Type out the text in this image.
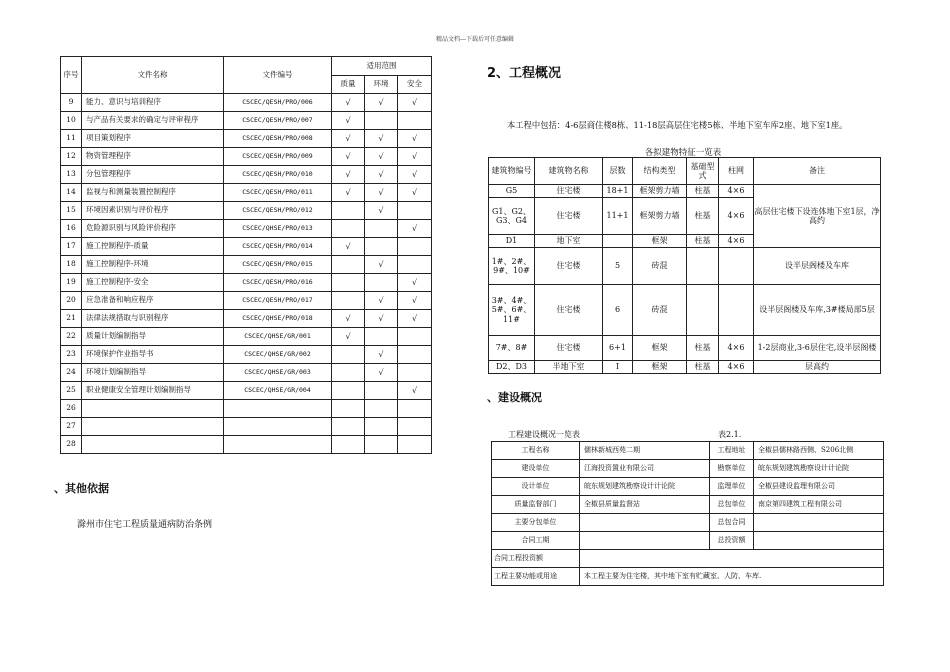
精品文档---下载后可任意编辑
序号	文件名称	文件编号	适用范围		
			质量	环境	安全
9	能力、意识与培训程序	CSCEC/QESH/PRO/006	√	√	√
10	与产品有关要求的确定与评审程序	CSCEC/QESH/PRO/007	√		
11	项目策划程序	CSCEC/QESH/PRO/008	√	√	√
12	物资管理程序	CSCEC/QESH/PRO/009	√	√	√
13	分包管理程序	CSCEC/QESH/PRO/010	√	√	√
14	监视与和测量装置控制程序	CSCEC/QESH/PRO/011	√	√	√
15	环境因素识别与评价程序	CSCEC/QESH/PRO/012		√	
16	危险源识别与风险评价程序	CSCEC/QHSE/PRO/013			√
17	施工控制程序-质量	CSCEC/QESH/PRO/014	√		
18	施工控制程序-环境	CSCEC/QESH/PRO/015		√	
19	施工控制程序-安全	CSCEC/QESH/PRO/016			√
20	应急准备和响应程序	CSCEC/QESH/PRO/017		√	√
21	法律法规措取与识别程序	CSCEC/QHSE/PRO/018	√	√	√
22	质量计划编制指导	CSCEC/QHSE/GR/001	√		
23	环境保护作业指导书	CSCEC/QHSE/GR/002		√	
24	环境计划编制指导	CSCEC/QHSE/GR/003		√	
25	职业健康安全管理计划编制指导	CSCEC/QHSE/GR/004			√
26					
27					
28					
、其他依据
滁州市住宅工程质量通病防治条例
2、工程概况
本工程中包括：4-6层商住楼8栋、11-18层高层住宅楼5栋、半地下室车库2座、地下室1座。
各拟建物特征一览表
建筑物编号	建筑物名称	层数	结构类型	基础型式	柱网	备注
G5	住宅楼	18+1	框架剪力墙	柱基	4×6	高层住宅楼下设连体地下室1层，净高约
G1、G2、G3、G4	住宅楼	11+1	框架剪力墙	柱基	4×6	
D1	地下室		框架	柱基	4×6	
1#、2#、9#、10#	住宅楼	5	砖混			设半层阁楼及车库
3#、4#、5#、6#、11#	住宅楼	6	砖混			设半层阁楼及车库,3#楼局部5层
7#、8#	住宅楼	6+1	框架	柱基	4×6	1-2层商业,3-6层住宅,设半层阁楼
D2、D3	半地下室	Ⅰ	框架	柱基	4×6	层高约
、建设概况
工程建设概况一览表	表2.1.
工程名称	儒林新城西苑二期	工程地址	全椒县儒林路西侧、S206北侧
建设单位	江海投资置业有限公司	勘察单位	皖东规划建筑勘察设计计论院
设计单位	皖东规划建筑勘察设计计论院	监理单位	全椒县建设监理有限公司
质量监督部门	全椒县质量监督站	总包单位	南京第四建筑工程有限公司
主要分包单位		总包合同	
合同工期		总投资额	
合同工程投资额			
工程主要功能或用途	本工程主要为住宅楼，其中地下室有贮藏室、人防、车库.		
